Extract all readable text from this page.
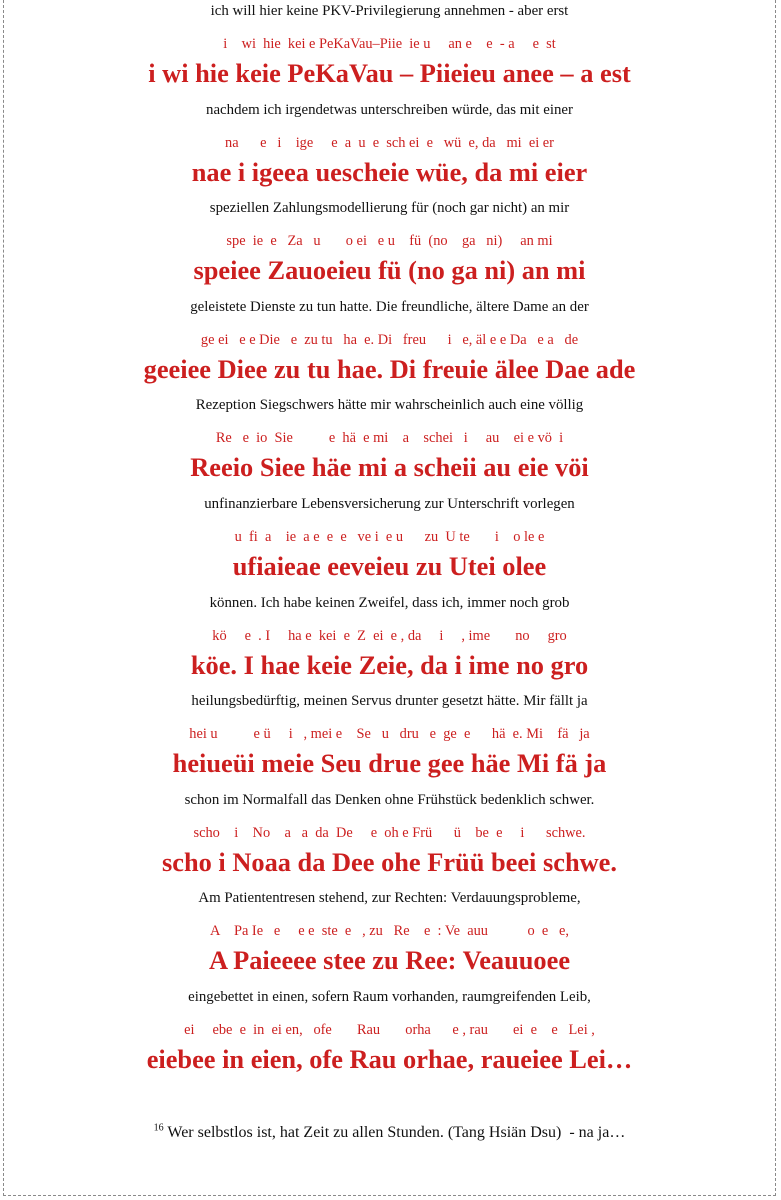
ich will hier keine PKV-Privilegierung annehmen - aber erst
i    wi  hie  kei e PeKaVau–Piie  ie u     an e    e  - a     e  st
i wi hie keie PeKaVau – Piieieu anee – a est
nachdem ich irgendetwas unterschreiben würde, das mit einer
na      e   i    ige     e  a  u  e  sch ei  e   wü  e, da   mi  ei er
nae i igeea uescheie wüe, da mi eier
speziellen Zahlungsmodellierung für (noch gar nicht) an mir
spe  ie  e   Za   u       o ei   e u    fü  (no    ga   ni)     an mi
speiee Zauoeieu fü (no ga ni) an mi
geleistete Dienste zu tun hatte. Die freundliche, ältere Dame an der
ge ei   e e Die   e  zu tu   ha  e. Di   freu      i   e, äl e e Da   e a   de
geeiee Diee zu tu hae. Di freuie älee Dae ade
Rezeption Siegschwers hätte mir wahrscheinlich auch eine völlig
Re   e  io  Sie          e  hä  e mi    a    schei   i     au    ei e vö  i
Reeio Siee häe mi a scheii au eie vöi
unfinanzierbare Lebensversicherung zur Unterschrift vorlegen
u  fi  a    ie  a e  e  e   ve i  e u      zu  U te       i    o le e
ufiaieae eeveieu zu Utei olee
können. Ich habe keinen Zweifel, dass ich, immer noch grob
kö     e  . I     ha e  kei  e  Z  ei  e , da     i     , ime       no     gro
köe. I hae keie Zeie, da i ime no gro
heilungsbedürftig, meinen Servus drunter gesetzt hätte. Mir fällt ja
hei u          e ü     i   , mei e    Se   u   dru   e  ge  e      hä  e. Mi    fä   ja
heiueüi meie Seu drue gee häe Mi fä ja
schon im Normalfall das Denken ohne Frühstück bedenklich schwer.
scho    i    No    a   a  da  De     e  oh e Frü      ü    be  e     i      schwe.
scho i Noaa da Dee ohe Früü beei schwe.
Am Patiententresen stehend, zur Rechten: Verdauungsprobleme,
A    Pa Ie   e     e e  ste  e   , zu   Re    e  : Ve  auu           o  e   e,
A Paieeee stee zu Ree: Veauuoee
eingebettet in einen, sofern Raum vorhanden, raumgreifenden Leib,
ei     ebe  e  in  ei en,   ofe       Rau       orha      e , rau       ei  e    e   Lei ,
eiebee in eien, ofe Rau orhae, raueiee Lei…
$^{16}$ Wer selbstlos ist, hat Zeit zu allen Stunden. (Tang Hsiän Dsu)  - na ja…
